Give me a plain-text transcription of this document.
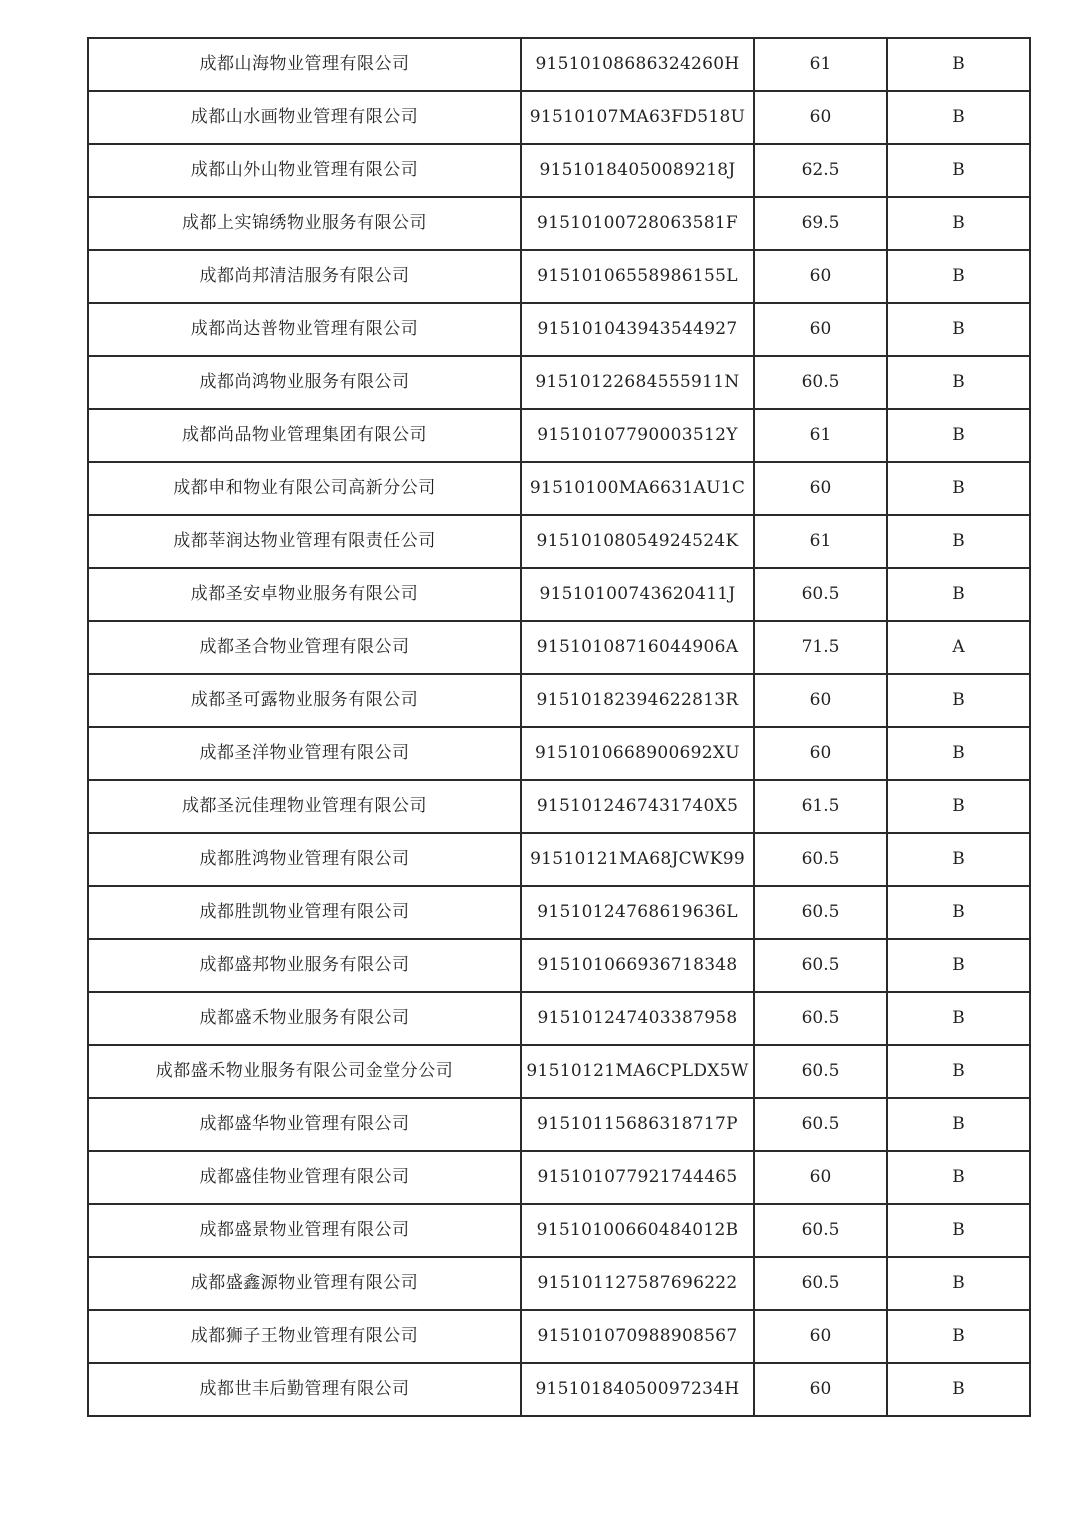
成都山海物业管理有限公司	91510108686324260H	61	B
成都山水画物业管理有限公司	91510107MA63FD518U	60	B
成都山外山物业管理有限公司	91510184050089218J	62.5	B
成都上实锦绣物业服务有限公司	91510100728063581F	69.5	B
成都尚邦清洁服务有限公司	91510106558986155L	60	B
成都尚达普物业管理有限公司	915101043943544927	60	B
成都尚鸿物业服务有限公司	91510122684555911N	60.5	B
成都尚品物业管理集团有限公司	91510107790003512Y	61	B
成都申和物业有限公司高新分公司	91510100MA6631AU1C	60	B
成都莘润达物业管理有限责任公司	91510108054924524K	61	B
成都圣安卓物业服务有限公司	91510100743620411J	60.5	B
成都圣合物业管理有限公司	91510108716044906A	71.5	A
成都圣可露物业服务有限公司	91510182394622813R	60	B
成都圣洋物业管理有限公司	9151010668900692XU	60	B
成都圣沅佳理物业管理有限公司	9151012467431740X5	61.5	B
成都胜鸿物业管理有限公司	91510121MA68JCWK99	60.5	B
成都胜凯物业管理有限公司	91510124768619636L	60.5	B
成都盛邦物业服务有限公司	915101066936718348	60.5	B
成都盛禾物业服务有限公司	915101247403387958	60.5	B
成都盛禾物业服务有限公司金堂分公司	91510121MA6CPLDX5W	60.5	B
成都盛华物业管理有限公司	91510115686318717P	60.5	B
成都盛佳物业管理有限公司	915101077921744465	60	B
成都盛景物业管理有限公司	91510100660484012B	60.5	B
成都盛鑫源物业管理有限公司	915101127587696222	60.5	B
成都狮子王物业管理有限公司	915101070988908567	60	B
成都世丰后勤管理有限公司	91510184050097234H	60	B
